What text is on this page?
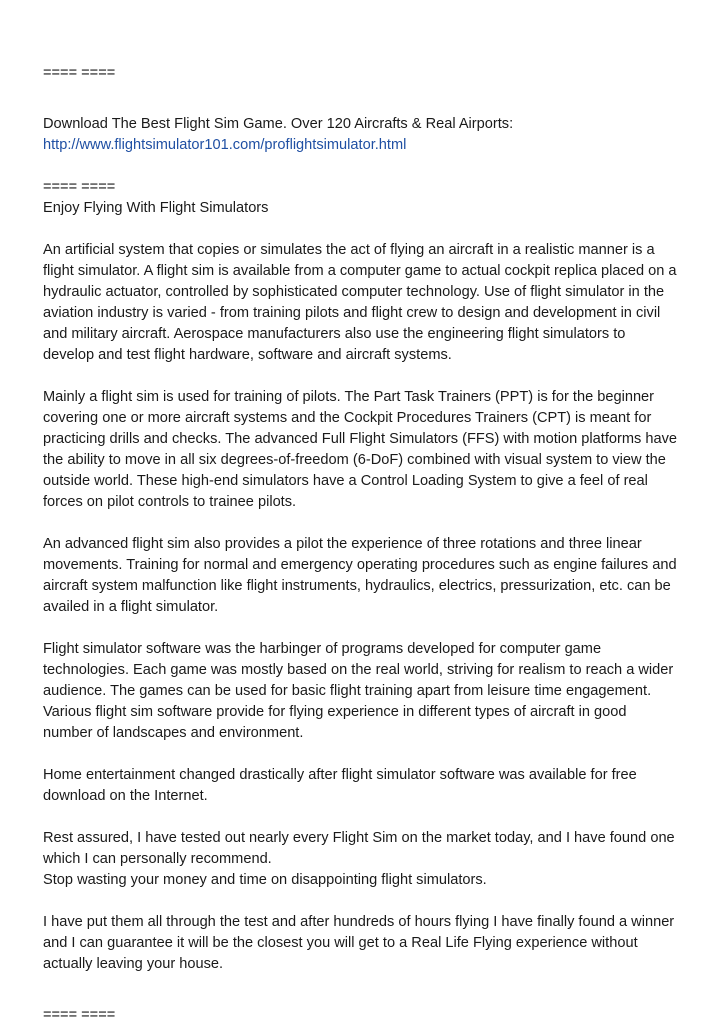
==== ====
Download The Best Flight Sim Game. Over 120 Aircrafts & Real Airports:
http://www.flightsimulator101.com/proflightsimulator.html
==== ====
Enjoy Flying With Flight Simulators
An artificial system that copies or simulates the act of flying an aircraft in a realistic manner is a
flight simulator. A flight sim is available from a computer game to actual cockpit replica placed on a
hydraulic actuator, controlled by sophisticated computer technology. Use of flight simulator in the
aviation industry is varied - from training pilots and flight crew to design and development in civil
and military aircraft. Aerospace manufacturers also use the engineering flight simulators to
develop and test flight hardware, software and aircraft systems.
Mainly a flight sim is used for training of pilots. The Part Task Trainers (PPT) is for the beginner
covering one or more aircraft systems and the Cockpit Procedures Trainers (CPT) is meant for
practicing drills and checks. The advanced Full Flight Simulators (FFS) with motion platforms have
the ability to move in all six degrees-of-freedom (6-DoF) combined with visual system to view the
outside world. These high-end simulators have a Control Loading System to give a feel of real
forces on pilot controls to trainee pilots.
An advanced flight sim also provides a pilot the experience of three rotations and three linear
movements. Training for normal and emergency operating procedures such as engine failures and
aircraft system malfunction like flight instruments, hydraulics, electrics, pressurization, etc. can be
availed in a flight simulator.
Flight simulator software was the harbinger of programs developed for computer game
technologies. Each game was mostly based on the real world, striving for realism to reach a wider
audience. The games can be used for basic flight training apart from leisure time engagement.
Various flight sim software provide for flying experience in different types of aircraft in good
number of landscapes and environment.
Home entertainment changed drastically after flight simulator software was available for free
download on the Internet.
Rest assured, I have tested out nearly every Flight Sim on the market today, and I have found one
which I can personally recommend.
Stop wasting your money and time on disappointing flight simulators.
I have put them all through the test and after hundreds of hours flying I have finally found a winner
and I can guarantee it will be the closest you will get to a Real Life Flying experience without
actually leaving your house.
==== ====
